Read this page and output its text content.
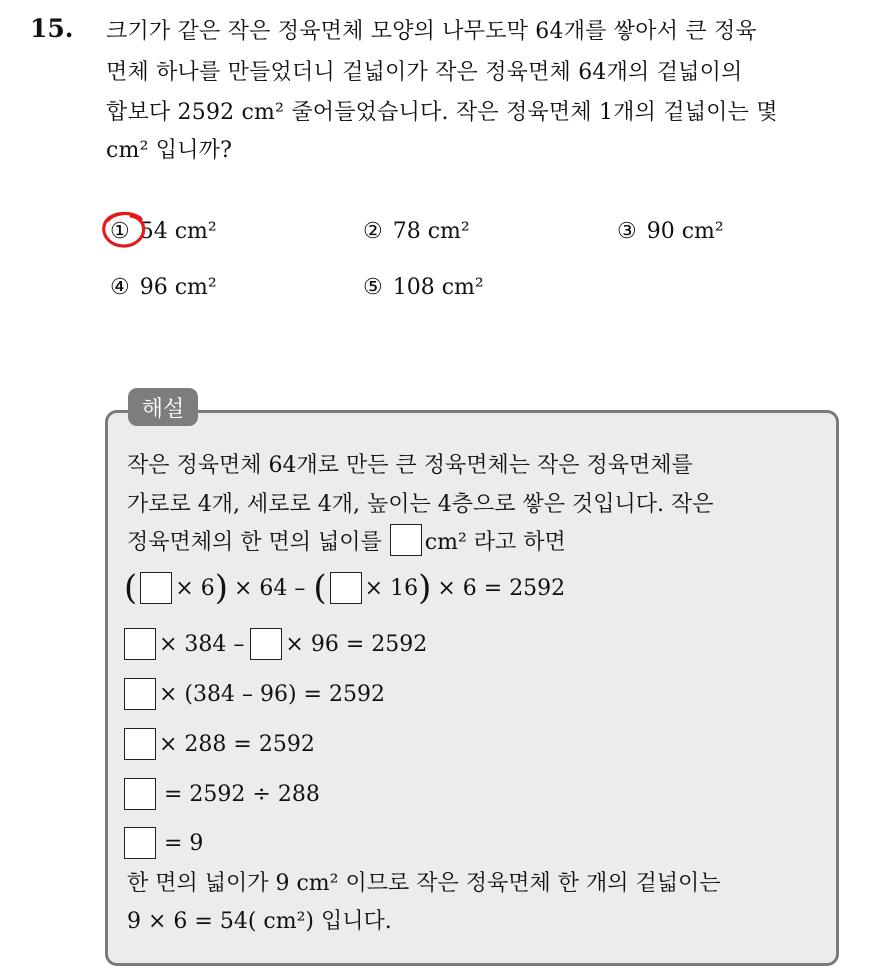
15. 크기가 같은 작은 정육면체 모양의 나무도막 64개를 쌓아서 큰 정육
면체 하나를 만들었더니 겉넓이가 작은 정육면체 64개의 겉넓이의
합보다 2592 cm² 줄어들었습니다. 작은 정육면체 1개의 겉넓이는 몇
cm² 입니까?
① 54 cm²	② 78 cm²	③ 90 cm²
④ 96 cm²	⑤ 108 cm²
해설
작은 정육면체 64개로 만든 큰 정육면체는 작은 정육면체를
가로로 4개, 세로로 4개, 높이는 4층으로 쌓은 것입니다. 작은
정육면체의 한 면의 넓이를 cm² 라고 하면
( × 6 ) × 64 – ( × 16 ) × 6 = 2592
× 384 – × 96 = 2592
× (384 – 96) = 2592
× 288 = 2592
= 2592 ÷ 288
= 9
한 면의 넓이가 9 cm² 이므로 작은 정육면체 한 개의 겉넓이는
9 × 6 = 54( cm²) 입니다.
